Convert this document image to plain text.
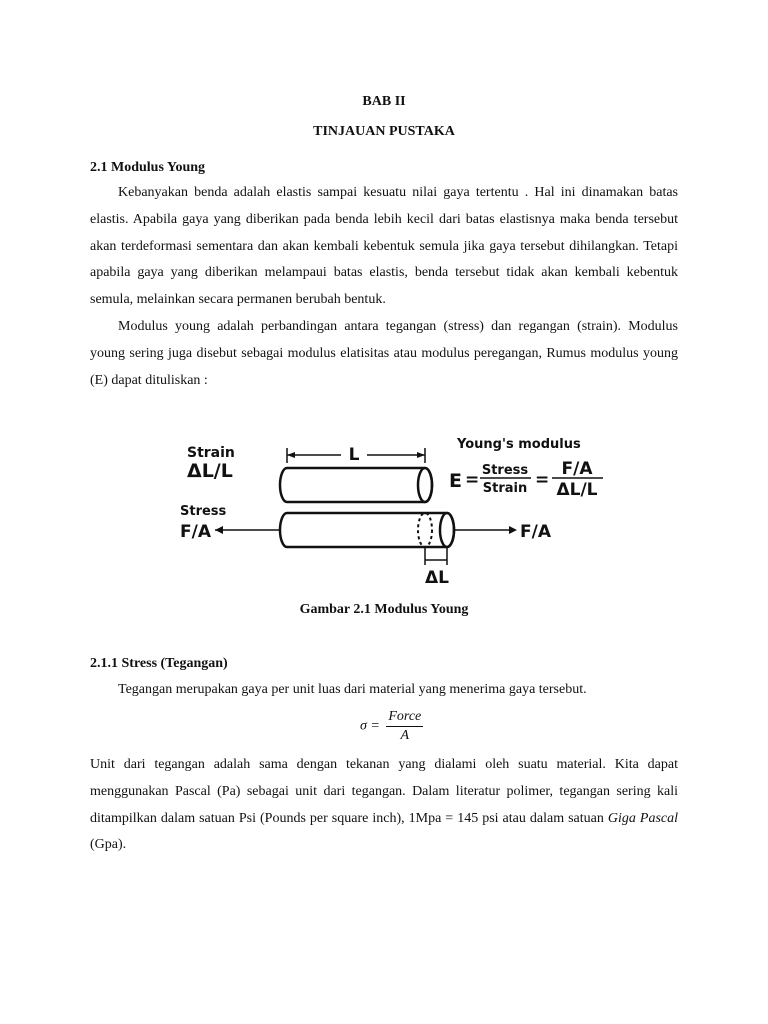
BAB II
TINJAUAN PUSTAKA
2.1 Modulus Young

Kebanyakan benda adalah elastis sampai kesuatu nilai gaya tertentu . Hal ini dinamakan batas elastis. Apabila gaya yang diberikan pada benda lebih kecil dari batas elastisnya maka benda tersebut akan terdeformasi sementara dan akan kembali kebentuk semula jika gaya tersebut dihilangkan. Tetapi apabila gaya yang diberikan melampaui batas elastis, benda tersebut tidak akan kembali kebentuk semula, melainkan secara permanen berubah bentuk.

Modulus young adalah perbandingan antara tegangan (stress) dan regangan (strain). Modulus young sering juga disebut sebagai modulus elatisitas atau modulus peregangan, Rumus modulus young (E) dapat dituliskan :

L
ΔL
Strain
ΔL/L
Stress
F/A	F/A
Young's modulus
E = Stress
Strain =
F/A
ΔL/L
Gambar 2.1 Modulus Young
2.1.1 Stress (Tegangan)

Tegangan merupakan gaya per unit luas dari material yang menerima gaya tersebut.

$\sigma = \frac{\text{Force}}{A}$

Unit dari tegangan adalah sama dengan tekanan yang dialami oleh suatu material. Kita dapat menggunakan Pascal (Pa) sebagai unit dari tegangan. Dalam literatur polimer, tegangan sering kali ditampilkan dalam satuan Psi (Pounds per square inch), 1Mpa = 145 psi atau dalam satuan Giga Pascal (Gpa).
